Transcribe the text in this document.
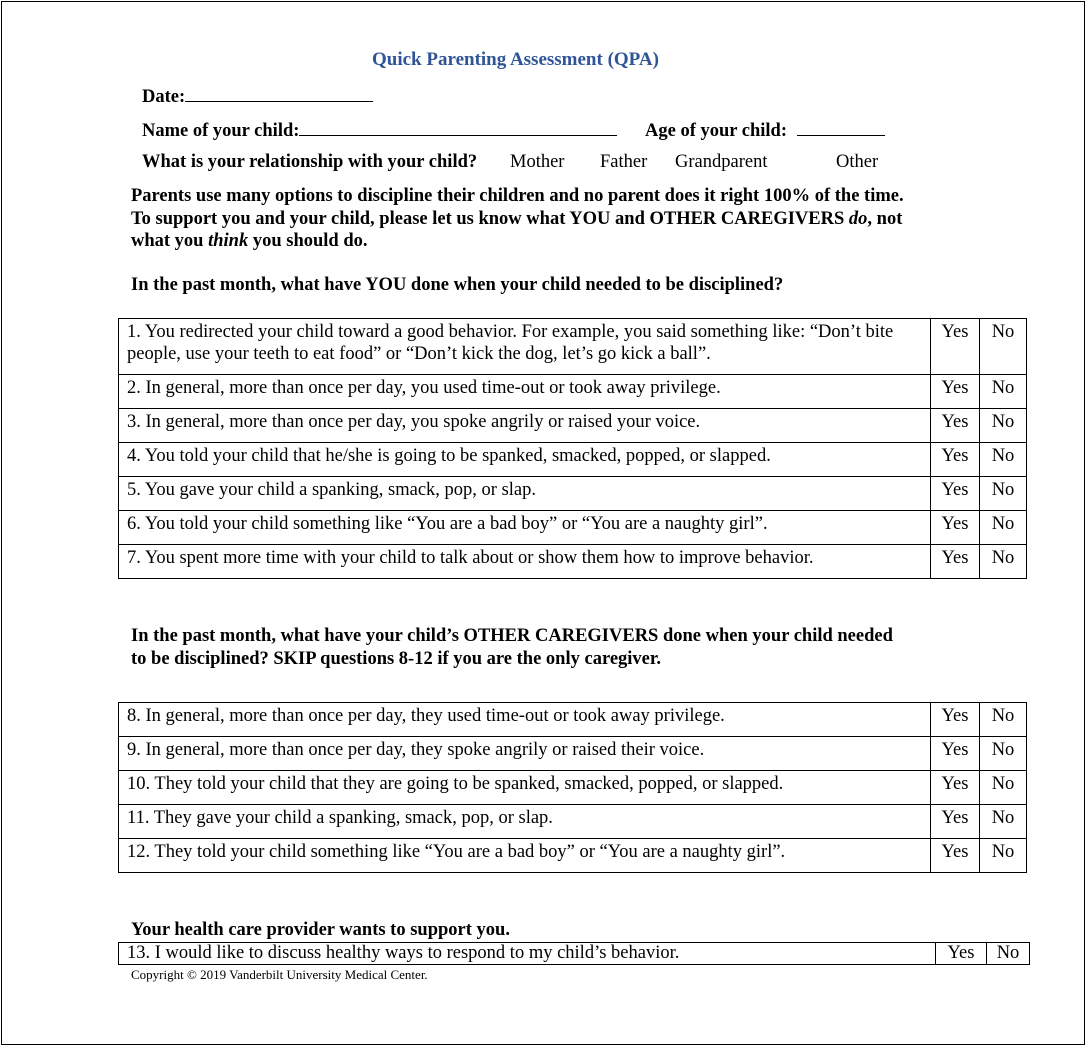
Quick Parenting Assessment (QPA)
Date:
Name of your child:	Age of your child:
What is your relationship with your child? Mother Father Grandparent	Other
Parents use many options to discipline their children and no parent does it right 100% of the time.
To support you and your child, please let us know what YOU and OTHER CAREGIVERS do, not
what you think you should do.
In the past month, what have YOU done when your child needed to be disciplined?
1. You redirected your child toward a good behavior. For example, you said something like: “Don’t bite people, use your teeth to eat food” or “Don’t kick the dog, let’s go kick a ball”.	Yes	No
2. In general, more than once per day, you used time-out or took away privilege.	Yes	No
3. In general, more than once per day, you spoke angrily or raised your voice.	Yes	No
4. You told your child that he/she is going to be spanked, smacked, popped, or slapped.	Yes	No
5. You gave your child a spanking, smack, pop, or slap.	Yes	No
6. You told your child something like “You are a bad boy” or “You are a naughty girl”.	Yes	No
7. You spent more time with your child to talk about or show them how to improve behavior.	Yes	No
In the past month, what have your child’s OTHER CAREGIVERS done when your child needed
to be disciplined? SKIP questions 8-12 if you are the only caregiver.
8. In general, more than once per day, they used time-out or took away privilege.	Yes	No
9. In general, more than once per day, they spoke angrily or raised their voice.	Yes	No
10. They told your child that they are going to be spanked, smacked, popped, or slapped.	Yes	No
11. They gave your child a spanking, smack, pop, or slap.	Yes	No
12. They told your child something like “You are a bad boy” or “You are a naughty girl”.	Yes	No
Your health care provider wants to support you.
13. I would like to discuss healthy ways to respond to my child’s behavior.	Yes	No
Copyright © 2019 Vanderbilt University Medical Center.
